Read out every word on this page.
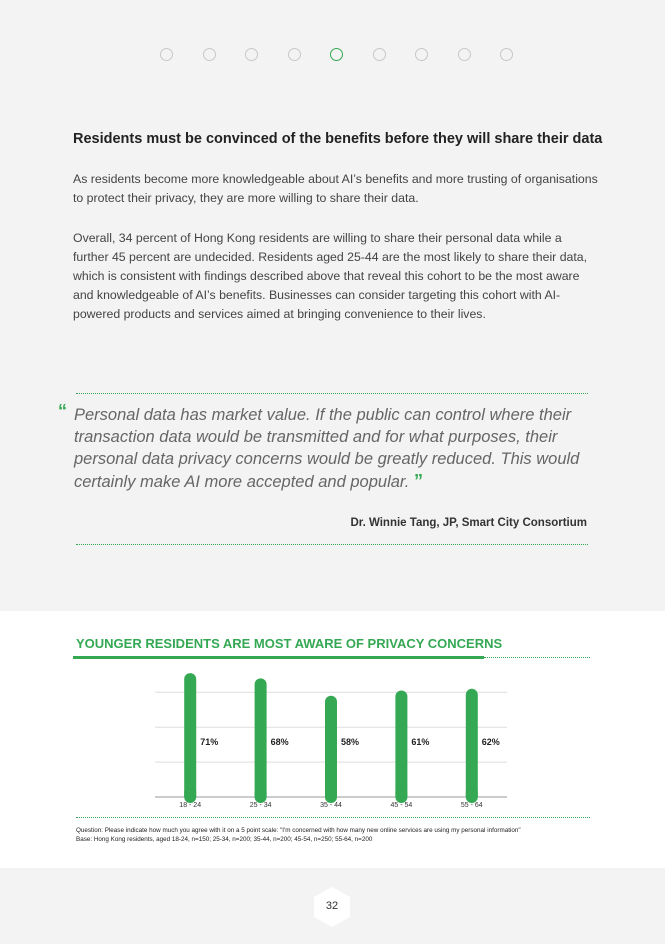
Residents must be convinced of the benefits before they will share their data

As residents become more knowledgeable about AI’s benefits and more trusting of organisations to protect their privacy, they are more willing to share their data.

Overall, 34 percent of Hong Kong residents are willing to share their personal data while a further 45 percent are undecided. Residents aged 25-44 are the most likely to share their data, which is consistent with findings described above that reveal this cohort to be the most aware and knowledgeable of AI’s benefits. Businesses can consider targeting this cohort with AI-powered products and services aimed at bringing convenience to their lives.

“ Personal data has market value. If the public can control where their transaction data would be transmitted and for what purposes, their personal data privacy concerns would be greatly reduced. This would certainly make AI more accepted and popular. ”
Dr. Winnie Tang, JP, Smart City Consortium
YOUNGER RESIDENTS ARE MOST AWARE OF PRIVACY CONCERNS
71%
18 - 24
68%
25 - 34
58%
35 - 44
61%
45 - 54
62%
55 - 64
Question: Please indicate how much you agree with it on a 5 point scale: "I'm concerned with how many new online services are using my personal information"
Base: Hong Kong residents, aged 18-24, n=150; 25-34, n=200; 35-44, n=200; 45-54, n=250; 55-64, n=200
32
